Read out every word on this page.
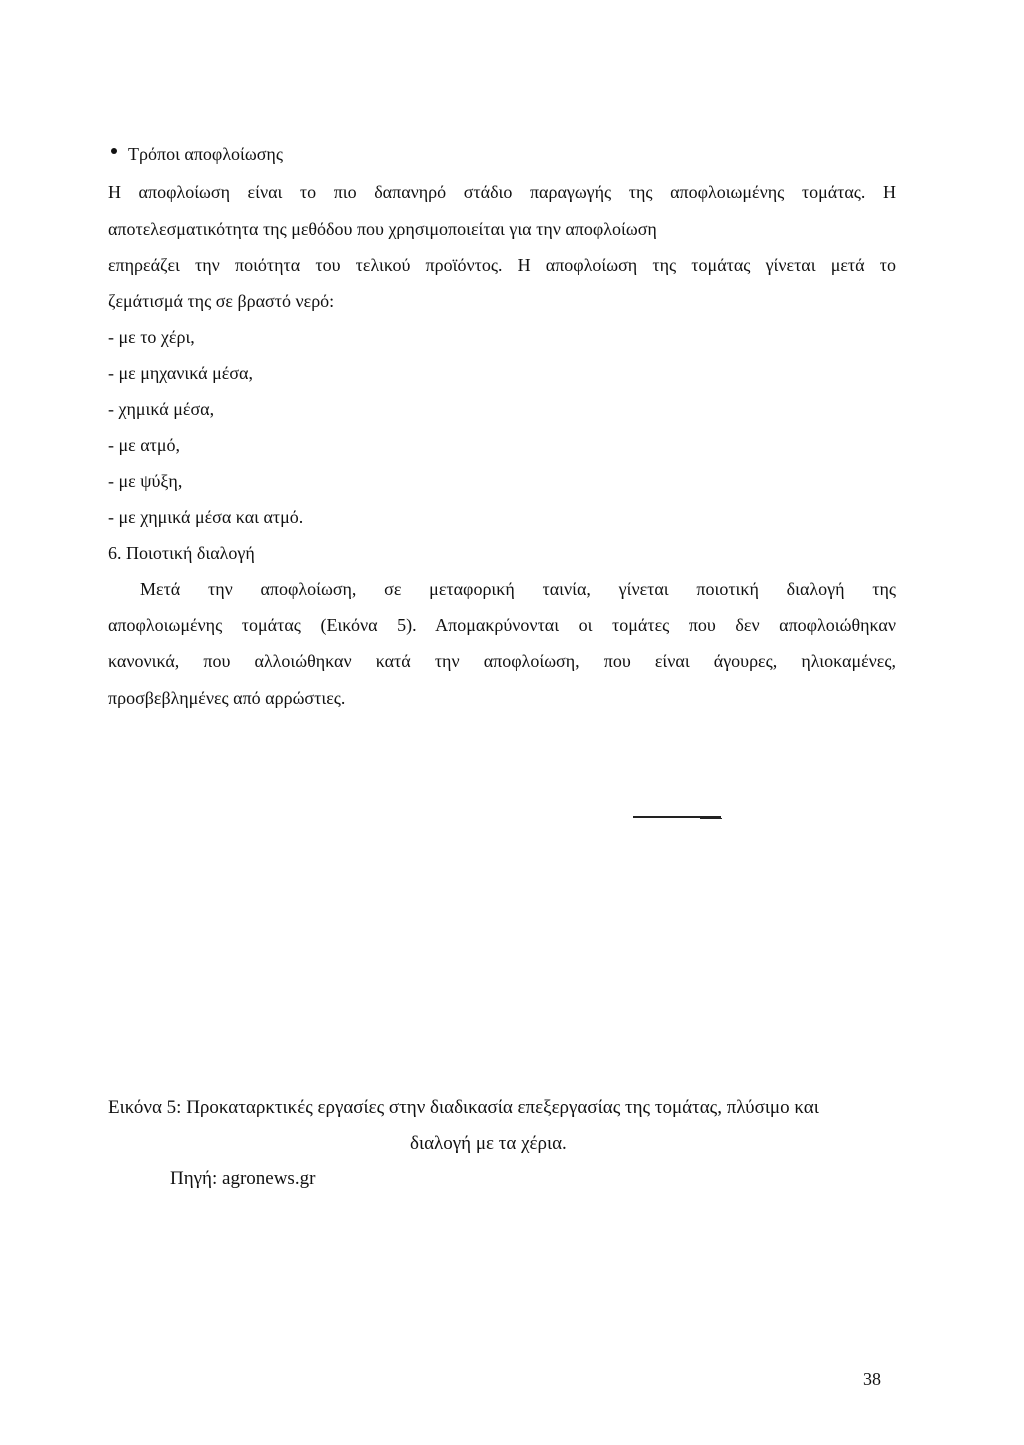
Τρόποι αποφλοίωσης
Η αποφλοίωση είναι το πιο δαπανηρό στάδιο παραγωγής της αποφλοιωμένης τομάτας. Η
αποτελεσματικότητα της μεθόδου που χρησιμοποιείται για την αποφλοίωση
επηρεάζει την ποιότητα του τελικού προϊόντος. Η αποφλοίωση της τομάτας γίνεται μετά το
ζεμάτισμά της σε βραστό νερό:
- με το χέρι,
- με μηχανικά μέσα,
- χημικά μέσα,
- με ατμό,
- με ψύξη,
- με χημικά μέσα και ατμό.
6. Ποιοτική διαλογή
Μετά την αποφλοίωση, σε μεταφορική ταινία, γίνεται ποιοτική διαλογή της
αποφλοιωμένης τομάτας (Εικόνα 5). Απομακρύνονται οι τομάτες που δεν αποφλοιώθηκαν
κανονικά, που αλλοιώθηκαν κατά την αποφλοίωση, που είναι άγουρες, ηλιοκαμένες,
προσβεβλημένες από αρρώστιες.
Εικόνα 5: Προκαταρκτικές εργασίες στην διαδικασία επεξεργασίας της τομάτας, πλύσιμο και
διαλογή με τα χέρια.
Πηγή: agronews.gr
38
